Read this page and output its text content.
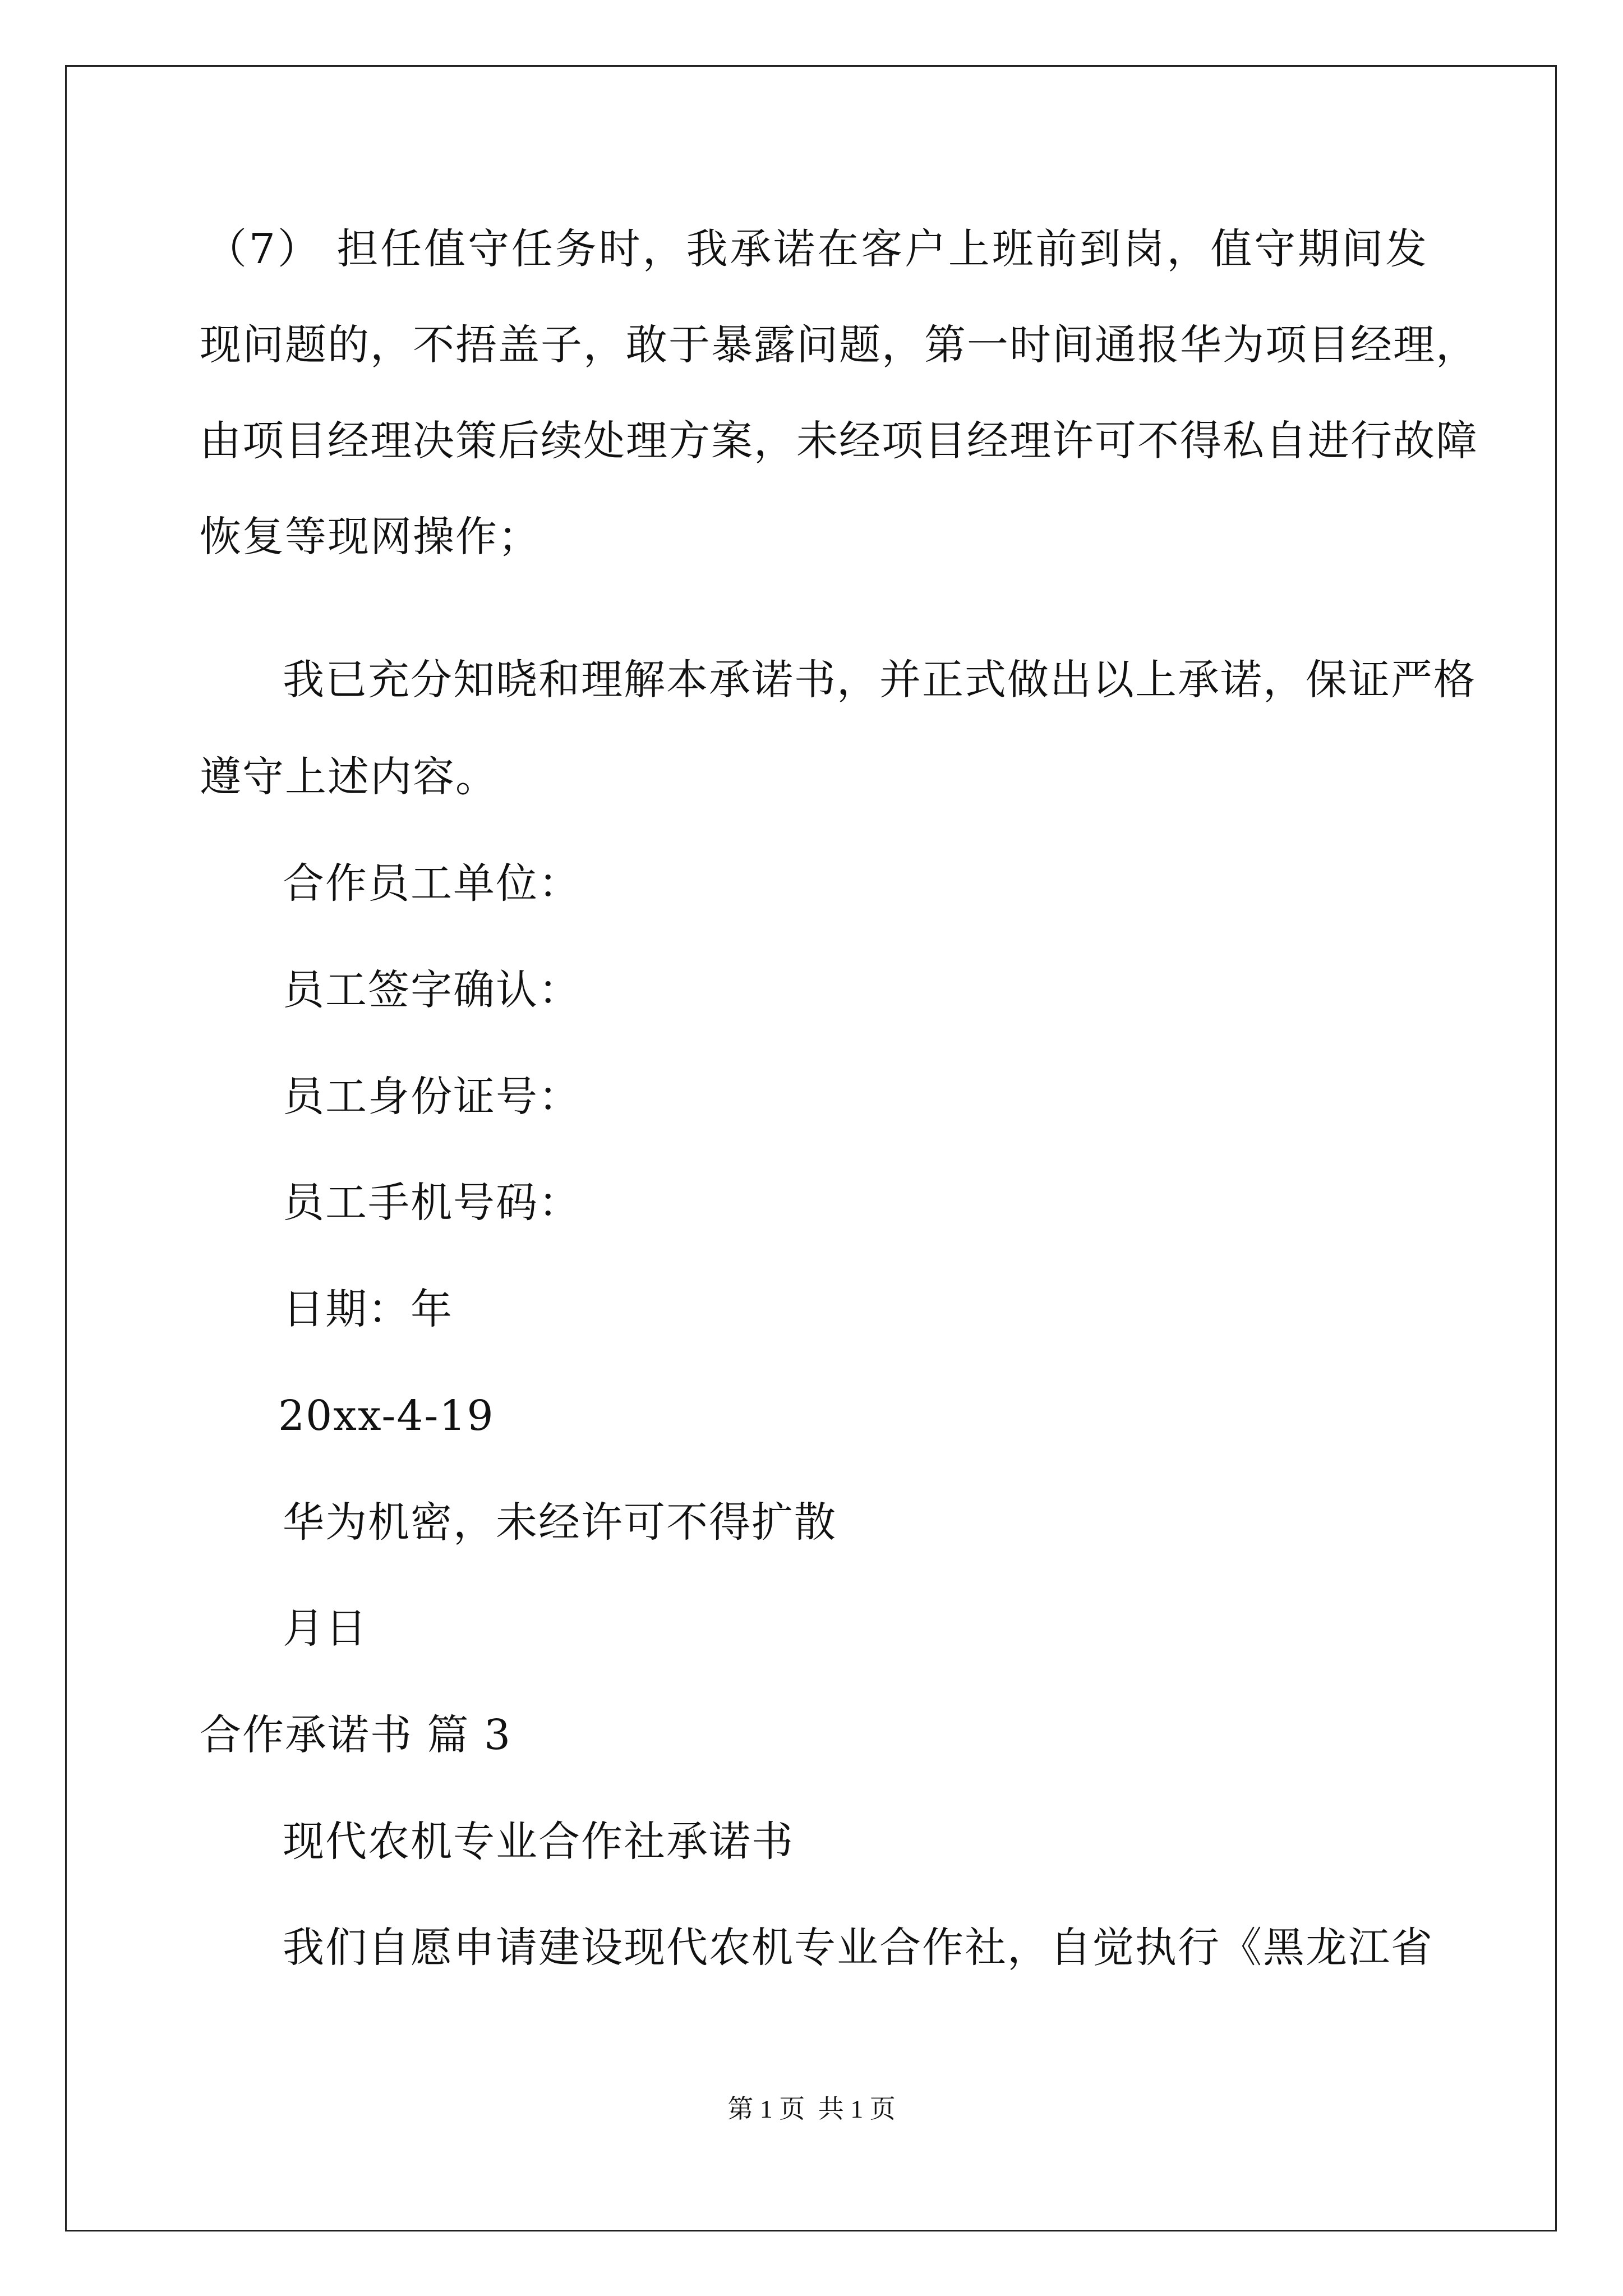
（7） 担任值守任务时，我承诺在客户上班前到岗，值守期间发
现问题的，不捂盖子，敢于暴露问题，第一时间通报华为项目经理，
由项目经理决策后续处理方案，未经项目经理许可不得私自进行故障
恢复等现网操作；
我已充分知晓和理解本承诺书，并正式做出以上承诺，保证严格
遵守上述内容。
合作员工单位：
员工签字确认：
员工身份证号：
员工手机号码：
日期：年
20xx-4-19
华为机密，未经许可不得扩散
月日
合作承诺书 篇 3
现代农机专业合作社承诺书
我们自愿申请建设现代农机专业合作社，自觉执行《黑龙江省
第 1 页 共 1 页
